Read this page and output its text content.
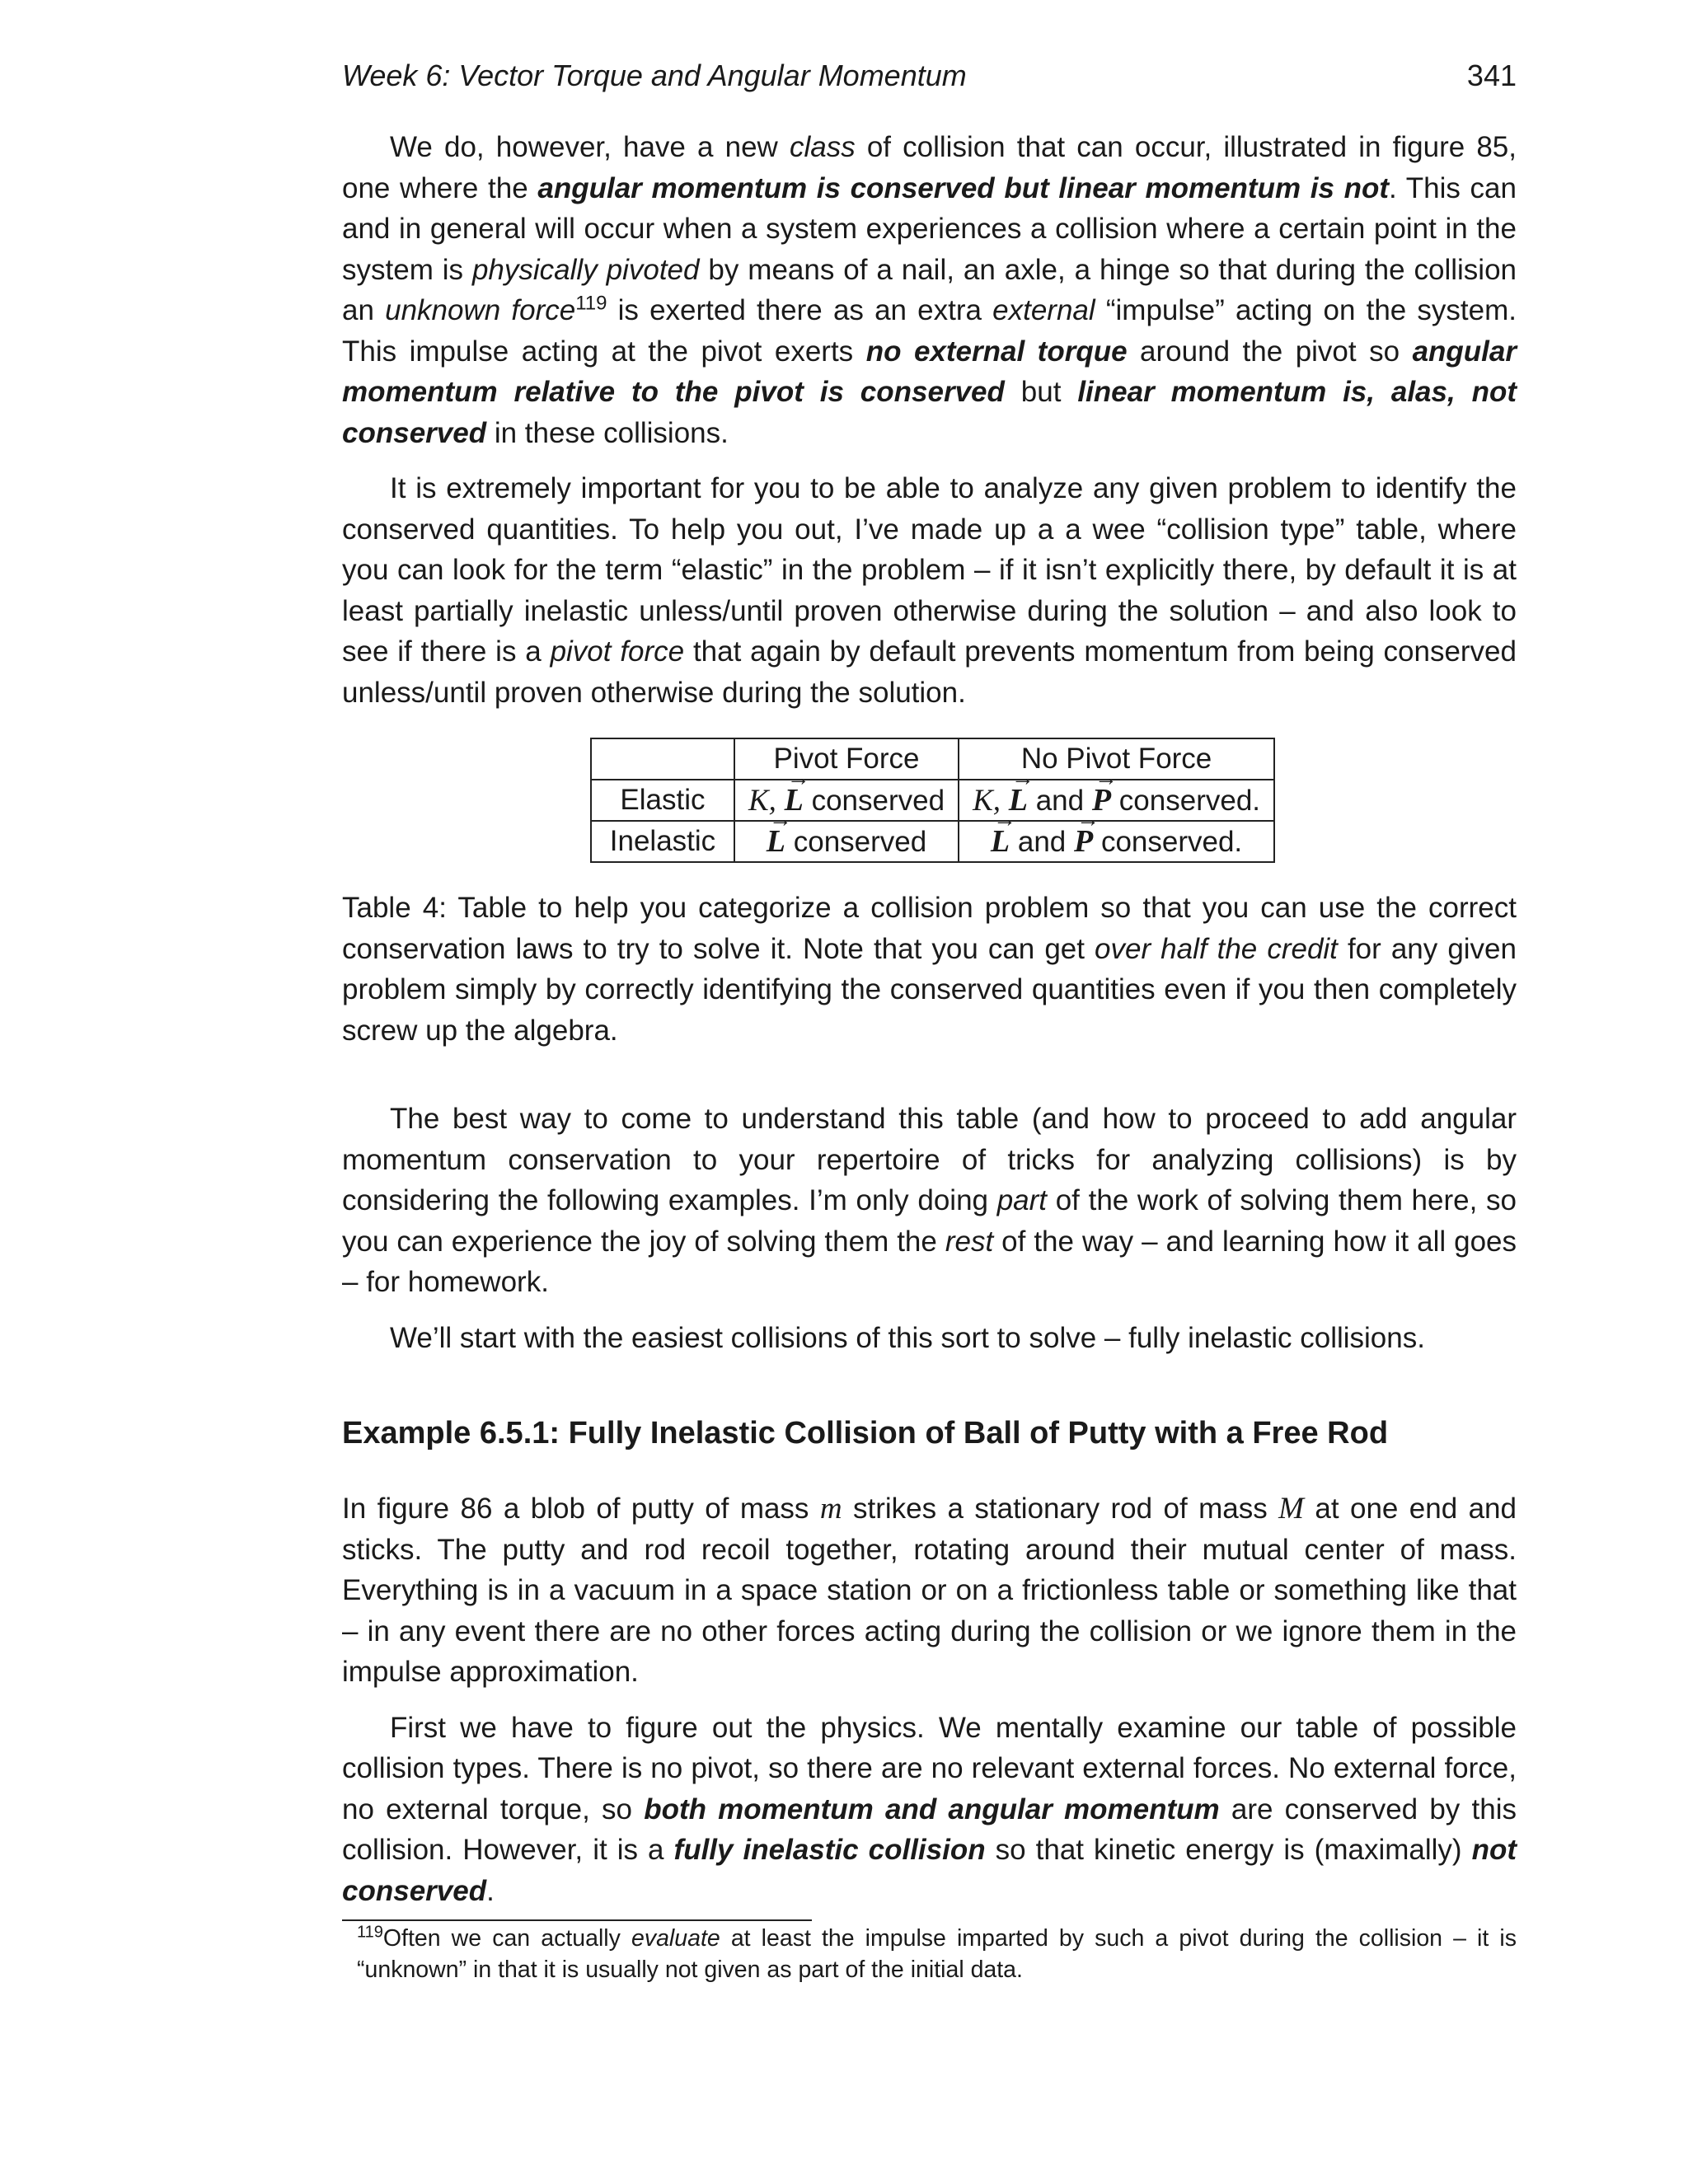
Week 6: Vector Torque and Angular Momentum	341

We do, however, have a new class of collision that can occur, illustrated in figure 85, one where the angular momentum is conserved but linear momentum is not. This can and in general will occur when a system experiences a collision where a certain point in the system is physically pivoted by means of a nail, an axle, a hinge so that during the collision an unknown force$^{119}$ is exerted there as an extra external “impulse” acting on the system. This impulse acting at the pivot exerts no external torque around the pivot so angular momentum relative to the pivot is conserved but linear momentum is, alas, not conserved in these collisions.

It is extremely important for you to be able to analyze any given problem to identify the conserved quantities. To help you out, I’ve made up a a wee “collision type” table, where you can look for the term “elastic” in the problem – if it isn’t explicitly there, by default it is at least partially inelastic unless/until proven otherwise during the solution – and also look to see if there is a pivot force that again by default prevents momentum from being conserved unless/until proven otherwise during the solution.

	Pivot Force	No Pivot Force
Elastic	K, → L conserved	K, → L and → P conserved.
Inelastic	→ L conserved	→ L and → P conserved.

Table 4: Table to help you categorize a collision problem so that you can use the correct conservation laws to try to solve it. Note that you can get over half the credit for any given problem simply by correctly identifying the conserved quantities even if you then completely screw up the algebra.

The best way to come to understand this table (and how to proceed to add angular momentum conservation to your repertoire of tricks for analyzing collisions) is by considering the following examples. I’m only doing part of the work of solving them here, so you can experience the joy of solving them the rest of the way – and learning how it all goes – for homework.

We’ll start with the easiest collisions of this sort to solve – fully inelastic collisions.

Example 6.5.1: Fully Inelastic Collision of Ball of Putty with a Free Rod

In figure 86 a blob of putty of mass m strikes a stationary rod of mass M at one end and sticks. The putty and rod recoil together, rotating around their mutual center of mass. Everything is in a vacuum in a space station or on a frictionless table or something like that – in any event there are no other forces acting during the collision or we ignore them in the impulse approximation.

First we have to figure out the physics. We mentally examine our table of possible collision types. There is no pivot, so there are no relevant external forces. No external force, no external torque, so both momentum and angular momentum are conserved by this collision. However, it is a fully inelastic collision so that kinetic energy is (maximally) not conserved.

$^{119}$Often we can actually evaluate at least the impulse imparted by such a pivot during the collision – it is “unknown” in that it is usually not given as part of the initial data.
